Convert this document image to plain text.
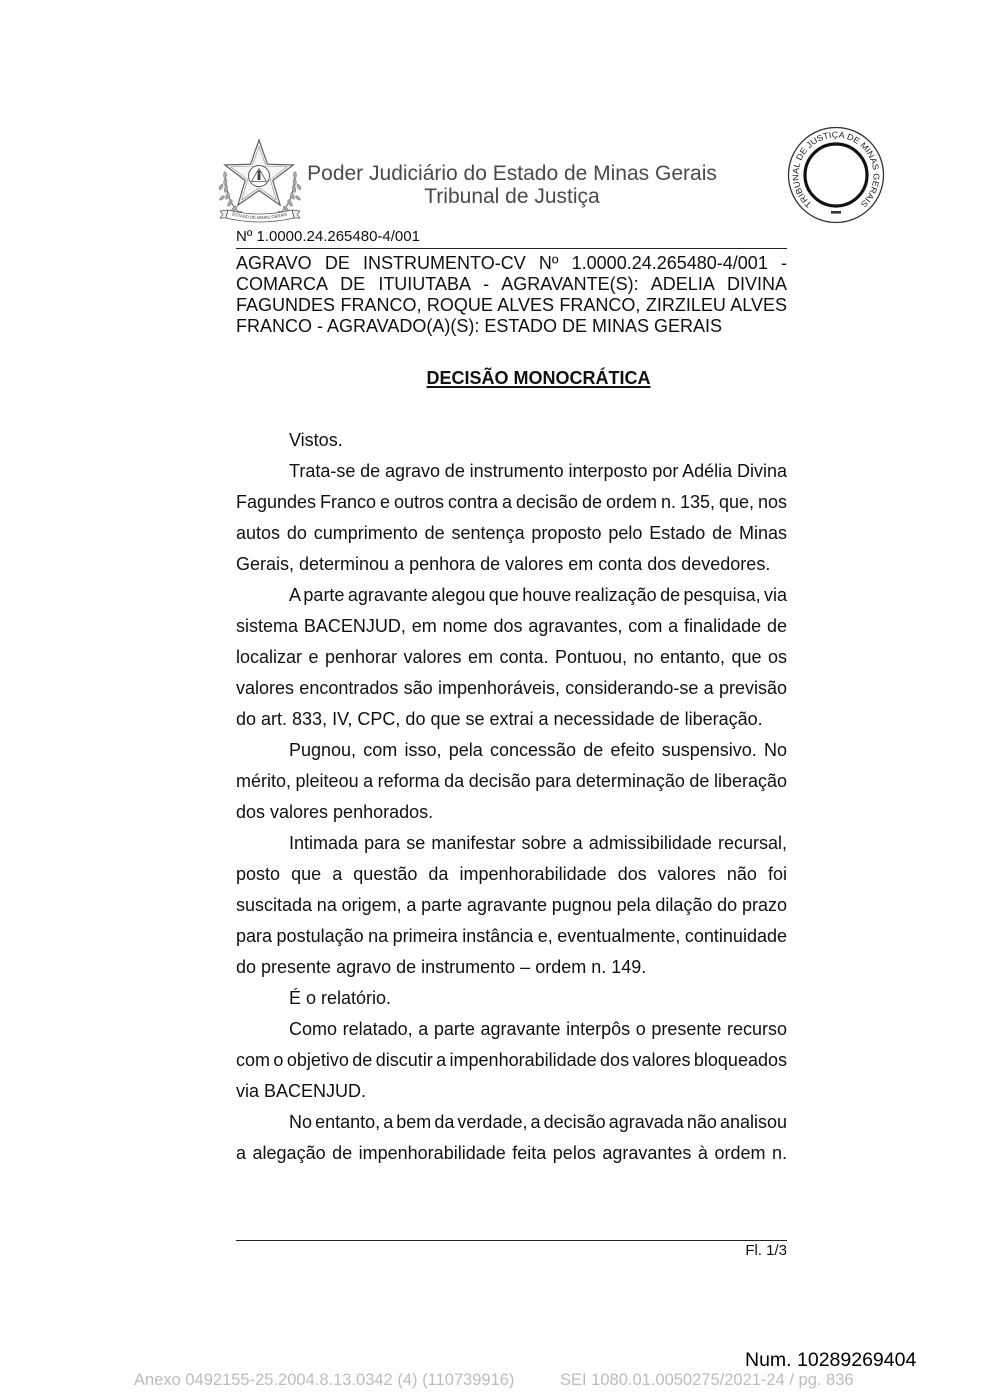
ESTADO DE MINAS GERAIS
Poder Judiciário do Estado de Minas Gerais
Tribunal de Justiça	TRIBUNAL DE JUSTIÇA DE MINAS GERAIS
Nº 1.0000.24.265480-4/001
AGRAVO DE INSTRUMENTO-CV Nº 1.0000.24.265480-4/001 -
COMARCA DE ITUIUTABA - AGRAVANTE(S): ADELIA DIVINA
FAGUNDES FRANCO, ROQUE ALVES FRANCO, ZIRZILEU ALVES
FRANCO - AGRAVADO(A)(S): ESTADO DE MINAS GERAIS
DECISÃO MONOCRÁTICA
Vistos.
Trata-se de agravo de instrumento interposto por Adélia Divina
Fagundes Franco e outros contra a decisão de ordem n. 135, que, nos
autos do cumprimento de sentença proposto pelo Estado de Minas
Gerais, determinou a penhora de valores em conta dos devedores.
A parte agravante alegou que houve realização de pesquisa, via
sistema BACENJUD, em nome dos agravantes, com a finalidade de
localizar e penhorar valores em conta. Pontuou, no entanto, que os
valores encontrados são impenhoráveis, considerando-se a previsão
do art. 833, IV, CPC, do que se extrai a necessidade de liberação.
Pugnou, com isso, pela concessão de efeito suspensivo. No
mérito, pleiteou a reforma da decisão para determinação de liberação
dos valores penhorados.
Intimada para se manifestar sobre a admissibilidade recursal,
posto que a questão da impenhorabilidade dos valores não foi
suscitada na origem, a parte agravante pugnou pela dilação do prazo
para postulação na primeira instância e, eventualmente, continuidade
do presente agravo de instrumento – ordem n. 149.
É o relatório.
Como relatado, a parte agravante interpôs o presente recurso
com o objetivo de discutir a impenhorabilidade dos valores bloqueados
via BACENJUD.
No entanto, a bem da verdade, a decisão agravada não analisou
a alegação de impenhorabilidade feita pelos agravantes à ordem n.
Fl. 1/3
Num. 10289269404
Anexo 0492155-25.2004.8.13.0342 (4) (110739916)	SEI 1080.01.0050275/2021-24 / pg. 836
